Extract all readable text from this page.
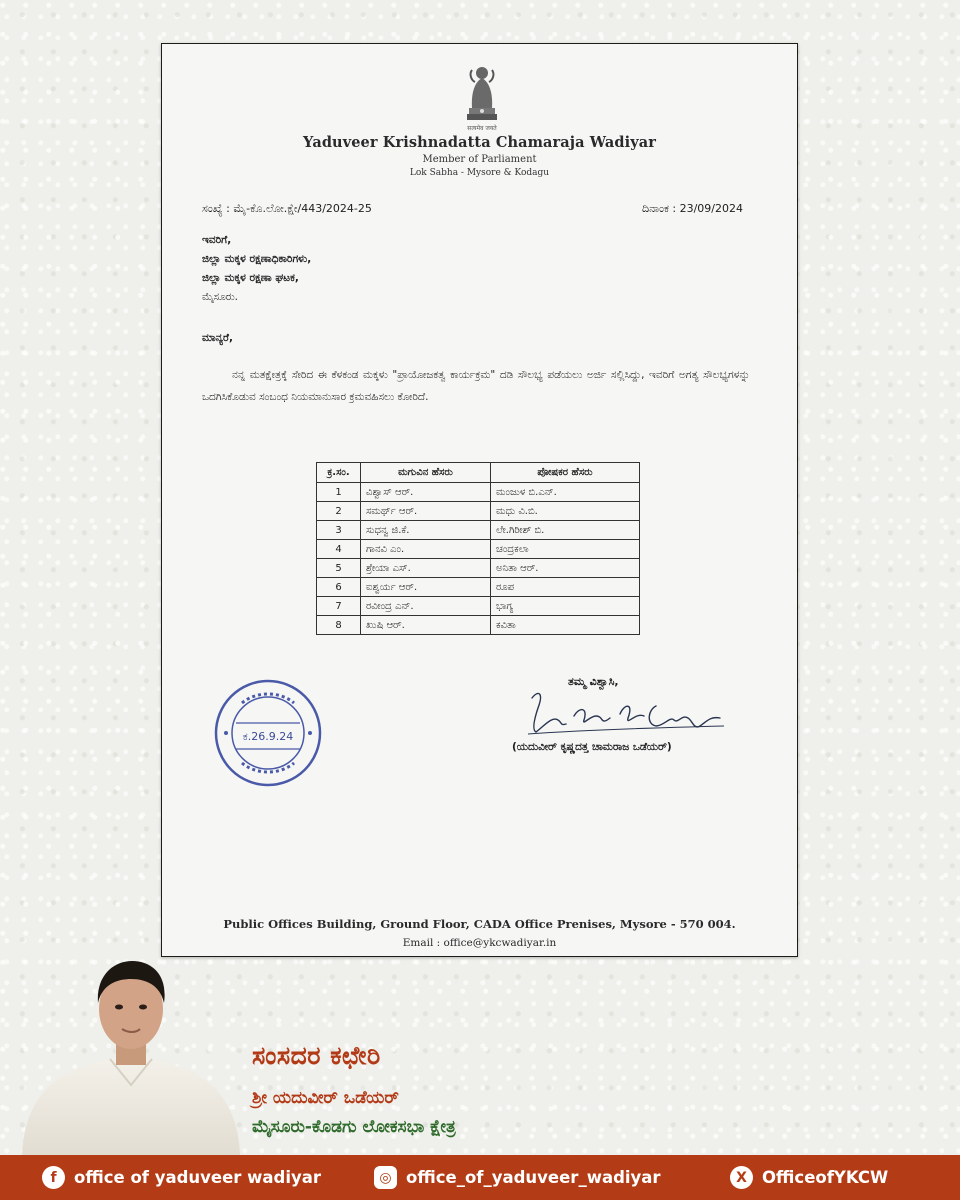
सत्यमेव जयते
Yaduveer Krishnadatta Chamaraja Wadiyar
Member of Parliament
Lok Sabha - Mysore & Kodagu
ಸಂಖ್ಯೆ : ಮೈ-ಕೊ.ಲೋ.ಕ್ಷೇ/443/2024-25	ದಿನಾಂಕ : 23/09/2024
ಇವರಿಗೆ,
ಜಿಲ್ಲಾ ಮಕ್ಕಳ ರಕ್ಷಣಾಧಿಕಾರಿಗಳು,
ಜಿಲ್ಲಾ ಮಕ್ಕಳ ರಕ್ಷಣಾ ಘಟಕ,
ಮೈಸೂರು.
ಮಾನ್ಯರೆ,
ನನ್ನ ಮತಕ್ಷೇತ್ರಕ್ಕೆ ಸೇರಿದ ಈ ಕೆಳಕಂಡ ಮಕ್ಕಳು "ಪ್ರಾಯೋಜಕತ್ವ ಕಾರ್ಯಕ್ರಮ" ದಡಿ ಸೌಲಭ್ಯ ಪಡೆಯಲು ಅರ್ಜಿ ಸಲ್ಲಿಸಿದ್ದು, ಇವರಿಗೆ ಅಗತ್ಯ ಸೌಲಭ್ಯಗಳನ್ನು ಒದಗಿಸಿಕೊಡುವ ಸಂಬಂಧ ನಿಯಮಾನುಸಾರ ಕ್ರಮವಹಿಸಲು ಕೋರಿದೆ.
ಕ್ರ.ಸಂ.	ಮಗುವಿನ ಹೆಸರು	ಪೋಷಕರ ಹೆಸರು
1	ವಿಶ್ವಾಸ್ ಆರ್.	ಮಂಜುಳ ಬಿ.ಎನ್.
2	ಸಮರ್ಥ್ ಆರ್.	ಮಧು ವಿ.ಬಿ.
3	ಸುಧನ್ವ ಜಿ.ಕೆ.	ಲೇ.ಗಿರೀಶ್ ಬಿ.
4	ಗಾನವಿ ಎಂ.	ಚಂದ್ರಕಲಾ
5	ಶ್ರೇಯಾ ಎಸ್.	ಅನಿತಾ ಆರ್.
6	ಐಶ್ವರ್ಯ ಆರ್.	ರೂಪ
7	ರವೀಂದ್ರ ಎನ್.	ಭಾಗ್ಯ
8	ಖುಷಿ ಆರ್.	ಕವಿತಾ
ತಮ್ಮ ವಿಶ್ವಾಸಿ,
(ಯದುವೀರ್ ಕೃಷ್ಣದತ್ತ ಚಾಮರಾಜ ಒಡೆಯರ್)
ಕ.26.9.24
Public Offices Building, Ground Floor, CADA Office Prenises, Mysore - 570 004.
Email : office@ykcwadiyar.in
ಸಂಸದರ ಕಛೇರಿ
ಶ್ರೀ ಯದುವೀರ್ ಒಡೆಯರ್
ಮೈಸೂರು-ಕೊಡಗು ಲೋಕಸಭಾ ಕ್ಷೇತ್ರ
f	office of yaduveer wadiyar	◎ office_of_yaduveer_wadiyar	X OfficeofYKCW
